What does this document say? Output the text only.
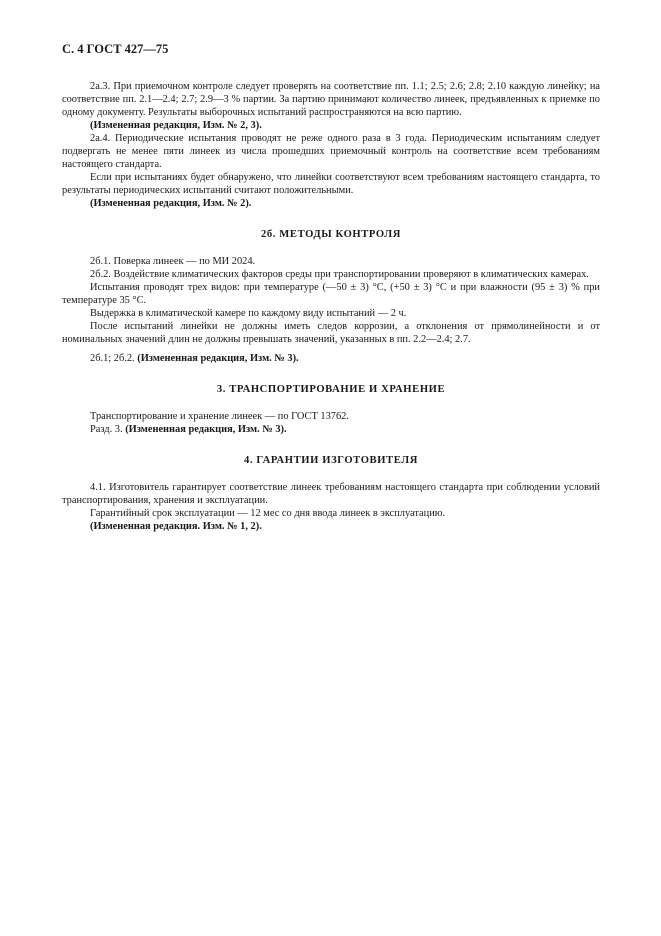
С. 4 ГОСТ 427—75

2а.3. При приемочном контроле следует проверять на соответствие пп. 1.1; 2.5; 2.6; 2.8; 2.10 каждую линейку; на соответствие пп. 2.1—2.4; 2.7; 2.9—3 % партии. За партию принимают количество линеек, предъявленных к приемке по одному документу. Результаты выборочных испытаний распространяются на всю партию.

(Измененная редакция, Изм. № 2, 3).

2а.4. Периодические испытания проводят не реже одного раза в 3 года. Периодическим испытаниям следует подвергать не менее пяти линеек из числа прошедших приемочный контроль на соответствие всем требованиям настоящего стандарта.

Если при испытаниях будет обнаружено, что линейки соответствуют всем требованиям настоящего стандарта, то результаты периодических испытаний считают положительными.

(Измененная редакция, Изм. № 2).

2б. МЕТОДЫ КОНТРОЛЯ

2б.1. Поверка линеек — по МИ 2024.

2б.2. Воздействие климатических факторов среды при транспортировании проверяют в климатических камерах.

Испытания проводят трех видов: при температуре (—50 ± 3) °С, (+50 ± 3) °С и при влажности (95 ± 3) % при температуре 35 °С.

Выдержка в климатической камере по каждому виду испытаний — 2 ч.

После испытаний линейки не должны иметь следов коррозии, а отклонения от прямолинейности и от номинальных значений длин не должны превышать значений, указанных в пп. 2.2—2.4; 2.7.

2б.1; 2б.2. (Измененная редакция, Изм. № 3).

3. ТРАНСПОРТИРОВАНИЕ И ХРАНЕНИЕ

Транспортирование и хранение линеек — по ГОСТ 13762.

Разд. 3. (Измененная редакция, Изм. № 3).

4. ГАРАНТИИ ИЗГОТОВИТЕЛЯ

4.1. Изготовитель гарантирует соответствие линеек требованиям настоящего стандарта при соблюдении условий транспортирования, хранения и эксплуатации.

Гарантийный срок эксплуатации — 12 мес со дня ввода линеек в эксплуатацию.

(Измененная редакция. Изм. № 1, 2).
